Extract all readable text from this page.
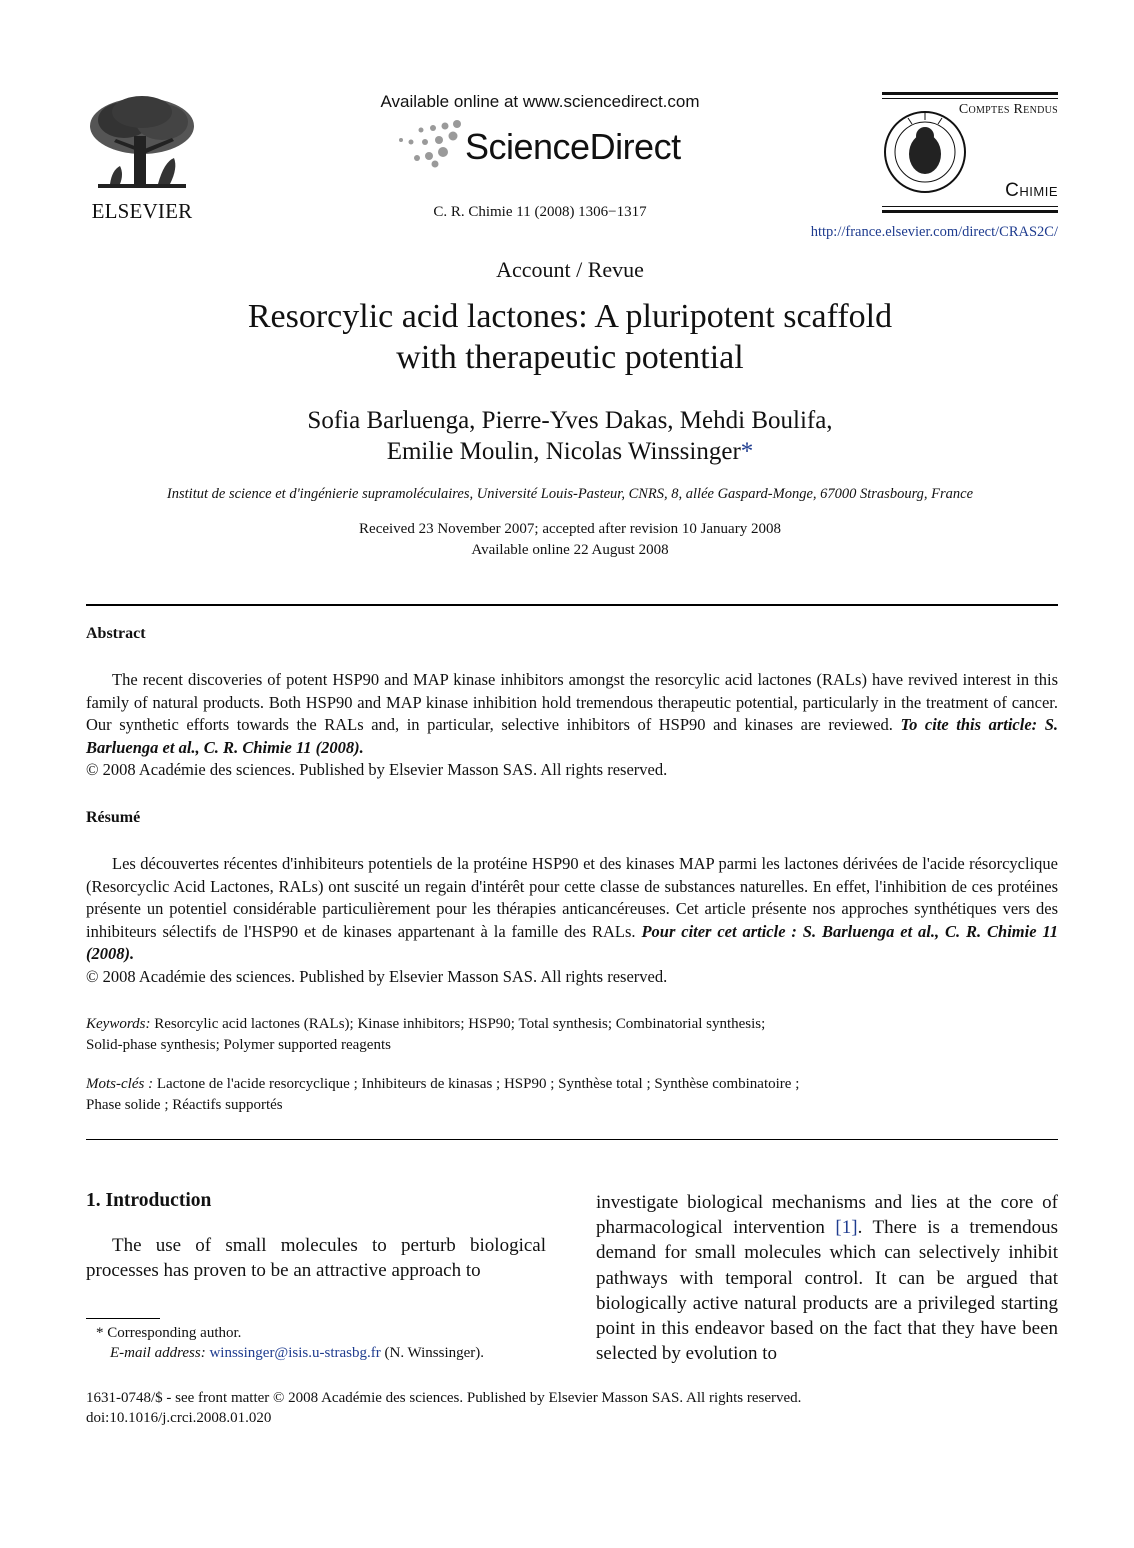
ELSEVIER
Available online at www.sciencedirect.com
ScienceDirect
C. R. Chimie 11 (2008) 1306−1317
Comptes Rendus
Chimie
http://france.elsevier.com/direct/CRAS2C/
Account / Revue
Resorcylic acid lactones: A pluripotent scaffold
with therapeutic potential
Sofia Barluenga, Pierre-Yves Dakas, Mehdi Boulifa,
Emilie Moulin, Nicolas Winssinger*
Institut de science et d'ingénierie supramoléculaires, Université Louis-Pasteur, CNRS, 8, allée Gaspard-Monge, 67000 Strasbourg, France
Received 23 November 2007; accepted after revision 10 January 2008
Available online 22 August 2008
Abstract

The recent discoveries of potent HSP90 and MAP kinase inhibitors amongst the resorcylic acid lactones (RALs) have revived interest in this family of natural products. Both HSP90 and MAP kinase inhibition hold tremendous therapeutic potential, particularly in the treatment of cancer. Our synthetic efforts towards the RALs and, in particular, selective inhibitors of HSP90 and kinases are reviewed. To cite this article: S. Barluenga et al., C. R. Chimie 11 (2008).

© 2008 Académie des sciences. Published by Elsevier Masson SAS. All rights reserved.

Résumé

Les découvertes récentes d'inhibiteurs potentiels de la protéine HSP90 et des kinases MAP parmi les lactones dérivées de l'acide résorcyclique (Resorcyclic Acid Lactones, RALs) ont suscité un regain d'intérêt pour cette classe de substances naturelles. En effet, l'inhibition de ces protéines présente un potentiel considérable particulièrement pour les thérapies anticancéreuses. Cet article présente nos approches synthétiques vers des inhibiteurs sélectifs de l'HSP90 et de kinases appartenant à la famille des RALs. Pour citer cet article : S. Barluenga et al., C. R. Chimie 11 (2008).

© 2008 Académie des sciences. Published by Elsevier Masson SAS. All rights reserved.

Keywords: Resorcylic acid lactones (RALs); Kinase inhibitors; HSP90; Total synthesis; Combinatorial synthesis;
Solid-phase synthesis; Polymer supported reagents
Mots-clés : Lactone de l'acide resorcyclique ; Inhibiteurs de kinasas ; HSP90 ; Synthèse total ; Synthèse combinatoire ;
Phase solide ; Réactifs supportés
1. Introduction

The use of small molecules to perturb biological processes has proven to be an attractive approach to

investigate biological mechanisms and lies at the core of pharmacological intervention [1]. There is a tremendous demand for small molecules which can selectively inhibit pathways with temporal control. It can be argued that biologically active natural products are a privileged starting point in this endeavor based on the fact that they have been selected by evolution to
* Corresponding author.
E-mail address: winssinger@isis.u-strasbg.fr (N. Winssinger).
1631-0748/$ - see front matter © 2008 Académie des sciences. Published by Elsevier Masson SAS. All rights reserved.
doi:10.1016/j.crci.2008.01.020
